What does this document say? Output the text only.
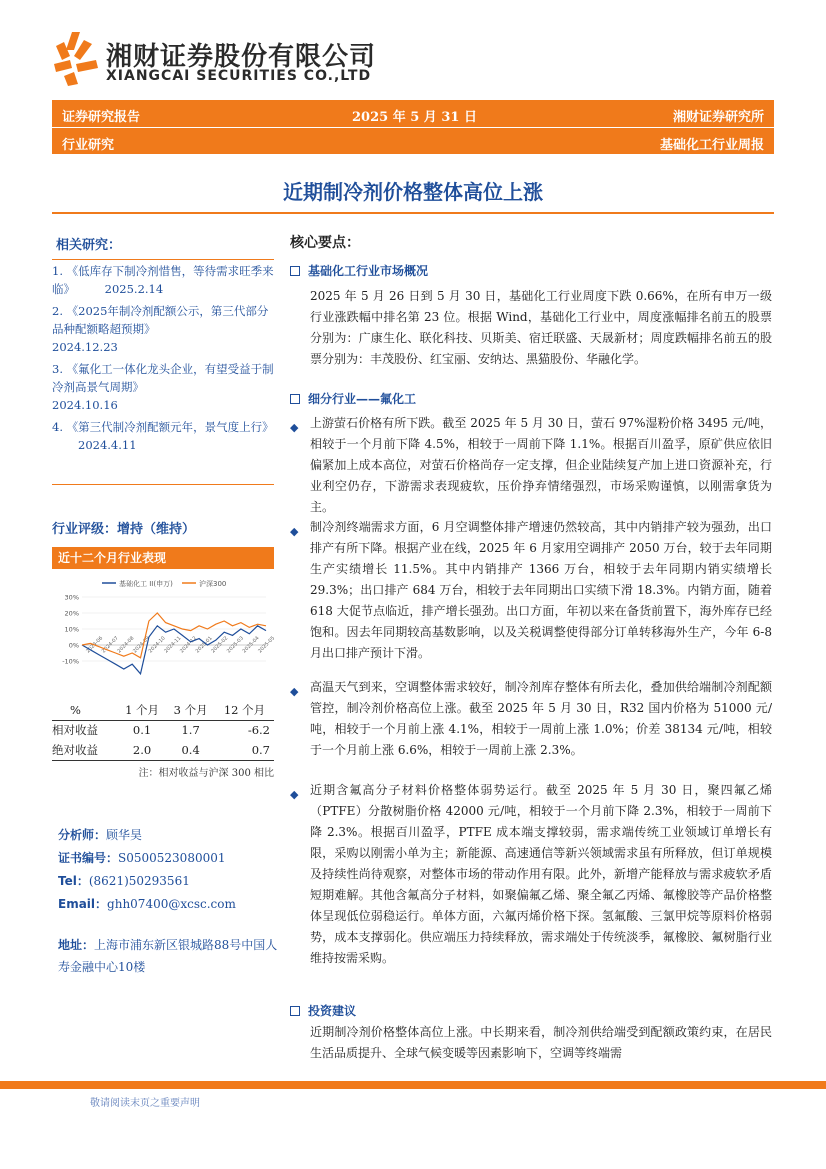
湘财证券股份有限公司
XIANGCAI SECURITIES CO.,LTD
证券研究报告	2025 年 5 月 31 日	湘财证券研究所
行业研究	基础化工行业周报
近期制冷剂价格整体高位上涨
相关研究：
1. 《低库存下制冷剂惜售，等待需求旺季来临》	2025.2.14
2. 《2025年制冷剂配额公示，第三代部分品种配额略超预期》
2024.12.23
3. 《氟化工一体化龙头企业，有望受益于制冷剂高景气周期》
2024.10.16
4. 《第三代制冷剂配额元年，景气度上行》 2024.4.11
行业评级：增持（维持）
近十二个月行业表现
基础化工 II(申万)	沪深300
30%
20%
10%
0%
-10%
2024-06
2024-07
2024-08
2024-09
2024-10
2024-11
2024-12
2025-01
2025-02
2025-03
2025-04
2025-05
%	1 个月	3 个月	12 个月
相对收益	0.1	1.7	-6.2
绝对收益	2.0	0.4	0.7
注：相对收益与沪深 300 相比
分析师：顾华昊
证书编号：S0500523080001
Tel：(8621)50293561
Email：ghh07400@xcsc.com
地址：上海市浦东新区银城路88号中国人寿金融中心10楼
核心要点：
基础化工行业市场概况
2025 年 5 月 26 日到 5 月 30 日，基础化工行业周度下跌 0.66%，在所有申万一级行业涨跌幅中排名第 23 位。根据 Wind，基础化工行业中，周度涨幅排名前五的股票分别为：广康生化、联化科技、贝斯美、宿迁联盛、天晟新材；周度跌幅排名前五的股票分别为：丰茂股份、红宝丽、安纳达、黑猫股份、华融化学。
细分行业——氟化工
◆ 上游萤石价格有所下跌。截至 2025 年 5 月 30 日，萤石 97%湿粉价格 3495 元/吨，相较于一个月前下降 4.5%，相较于一周前下降 1.1%。根据百川盈孚，原矿供应依旧偏紧加上成本高位，对萤石价格尚存一定支撑，但企业陆续复产加上进口资源补充，行业利空仍存，下游需求表现疲软，压价挣弃情绪强烈，市场采购谨慎，以刚需拿货为主。
◆ 制冷剂终端需求方面，6 月空调整体排产增速仍然较高，其中内销排产较为强劲，出口排产有所下降。根据产业在线，2025 年 6 月家用空调排产 2050 万台，较于去年同期生产实绩增长 11.5%。其中内销排产 1366 万台，相较于去年同期内销实绩增长 29.3%；出口排产 684 万台，相较于去年同期出口实绩下滑 18.3%。内销方面，随着 618 大促节点临近，排产增长强劲。出口方面，年初以来在备货前置下，海外库存已经饱和。因去年同期较高基数影响，以及关税调整使得部分订单转移海外生产，今年 6-8 月出口排产预计下滑。
◆ 高温天气到来，空调整体需求较好，制冷剂库存整体有所去化，叠加供给端制冷剂配额管控，制冷剂价格高位上涨。截至 2025 年 5 月 30 日，R32 国内价格为 51000 元/吨，相较于一个月前上涨 4.1%，相较于一周前上涨 1.0%；价差 38134 元/吨，相较于一个月前上涨 6.6%，相较于一周前上涨 2.3%。
◆ 近期含氟高分子材料价格整体弱势运行。截至 2025 年 5 月 30 日，聚四氟乙烯（PTFE）分散树脂价格 42000 元/吨，相较于一个月前下降 2.3%，相较于一周前下降 2.3%。根据百川盈孚，PTFE 成本端支撑较弱，需求端传统工业领域订单增长有限，采购以刚需小单为主；新能源、高速通信等新兴领域需求虽有所释放，但订单规模及持续性尚待观察，对整体市场的带动作用有限。此外，新增产能释放与需求疲软矛盾短期难解。其他含氟高分子材料，如聚偏氟乙烯、聚全氟乙丙烯、氟橡胶等产品价格整体呈现低位弱稳运行。单体方面，六氟丙烯价格下探。氢氟酸、三氯甲烷等原料价格弱势，成本支撑弱化。供应端压力持续释放，需求端处于传统淡季，氟橡胶、氟树脂行业维持按需采购。
投资建议
近期制冷剂价格整体高位上涨。中长期来看，制冷剂供给端受到配额政策约束，在居民生活品质提升、全球气候变暖等因素影响下，空调等终端需
敬请阅读末页之重要声明
